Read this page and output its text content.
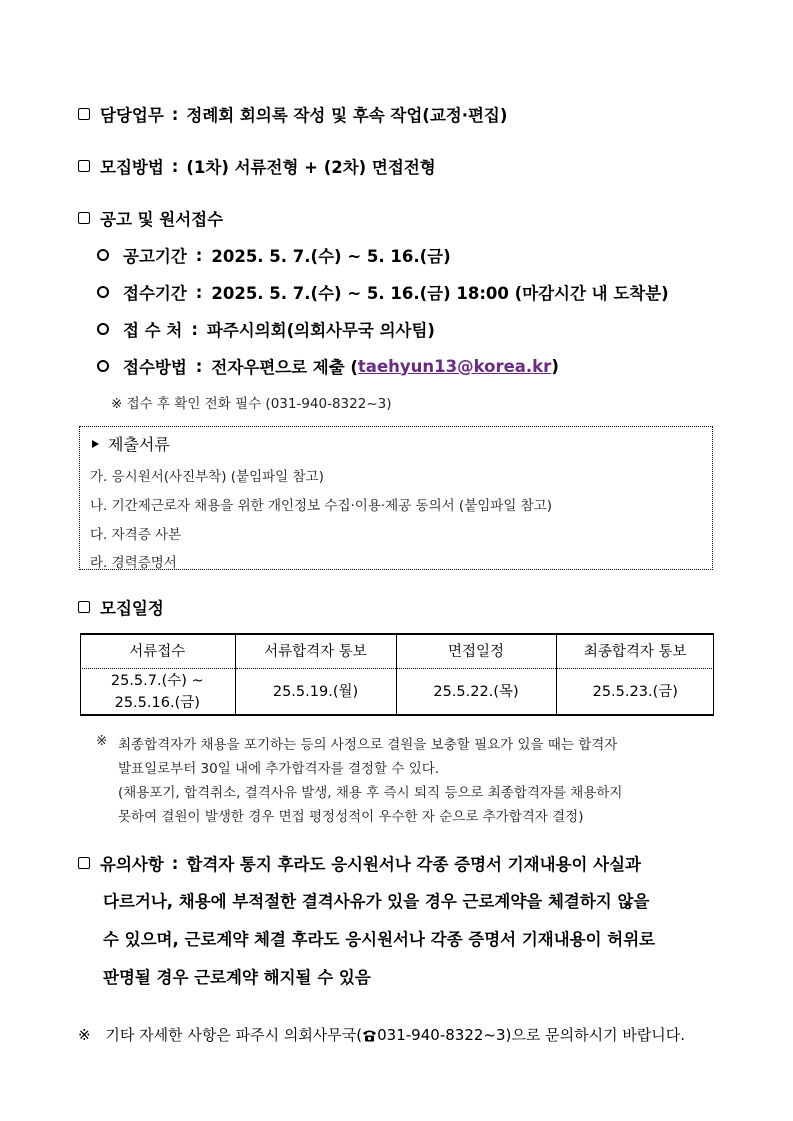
담당업무 : 정례회 회의록 작성 및 후속 작업(교정·편집)
모집방법 : (1차) 서류전형 + (2차) 면접전형
공고 및 원서접수
공고기간 : 2025. 5. 7.(수) ~ 5. 16.(금)
접수기간 : 2025. 5. 7.(수) ~ 5. 16.(금) 18:00 (마감시간 내 도착분)
접 수 처 : 파주시의회(의회사무국 의사팀)
접수방법 : 전자우편으로 제출 ( taehyun13@korea.kr )
※ 접수 후 확인 전화 필수 (031-940-8322~3)
제출서류
가. 응시원서(사진부착) (붙임파일 참고)
나. 기간제근로자 채용을 위한 개인정보 수집·이용·제공 동의서 (붙임파일 참고)
다. 자격증 사본
라. 경력증명서
모집일정
서류접수	서류합격자 통보	면접일정	최종합격자 통보

25.5.7.(수) ~
25.5.16.(금)	25.5.19.(월)	25.5.22.(목)	25.5.23.(금)
※ 최종합격자가 채용을 포기하는 등의 사정으로 결원을 보충할 필요가 있을 때는 합격자
발표일로부터 30일 내에 추가합격자를 결정할 수 있다.
(채용포기, 합격취소, 결격사유 발생, 채용 후 즉시 퇴직 등으로 최종합격자를 채용하지
못하여 결원이 발생한 경우 면접 평정성적이 우수한 자 순으로 추가합격자 결정)
유의사항 : 합격자 통지 후라도 응시원서나 각종 증명서 기재내용이 사실과
다르거나, 채용에 부적절한 결격사유가 있을 경우 근로계약을 체결하지 않을
수 있으며, 근로계약 체결 후라도 응시원서나 각종 증명서 기재내용이 허위로
판명될 경우 근로계약 해지될 수 있음
※ 기타 자세한 사항은 파주시 의회사무국( 031-940-8322~3)으로 문의하시기 바랍니다.
